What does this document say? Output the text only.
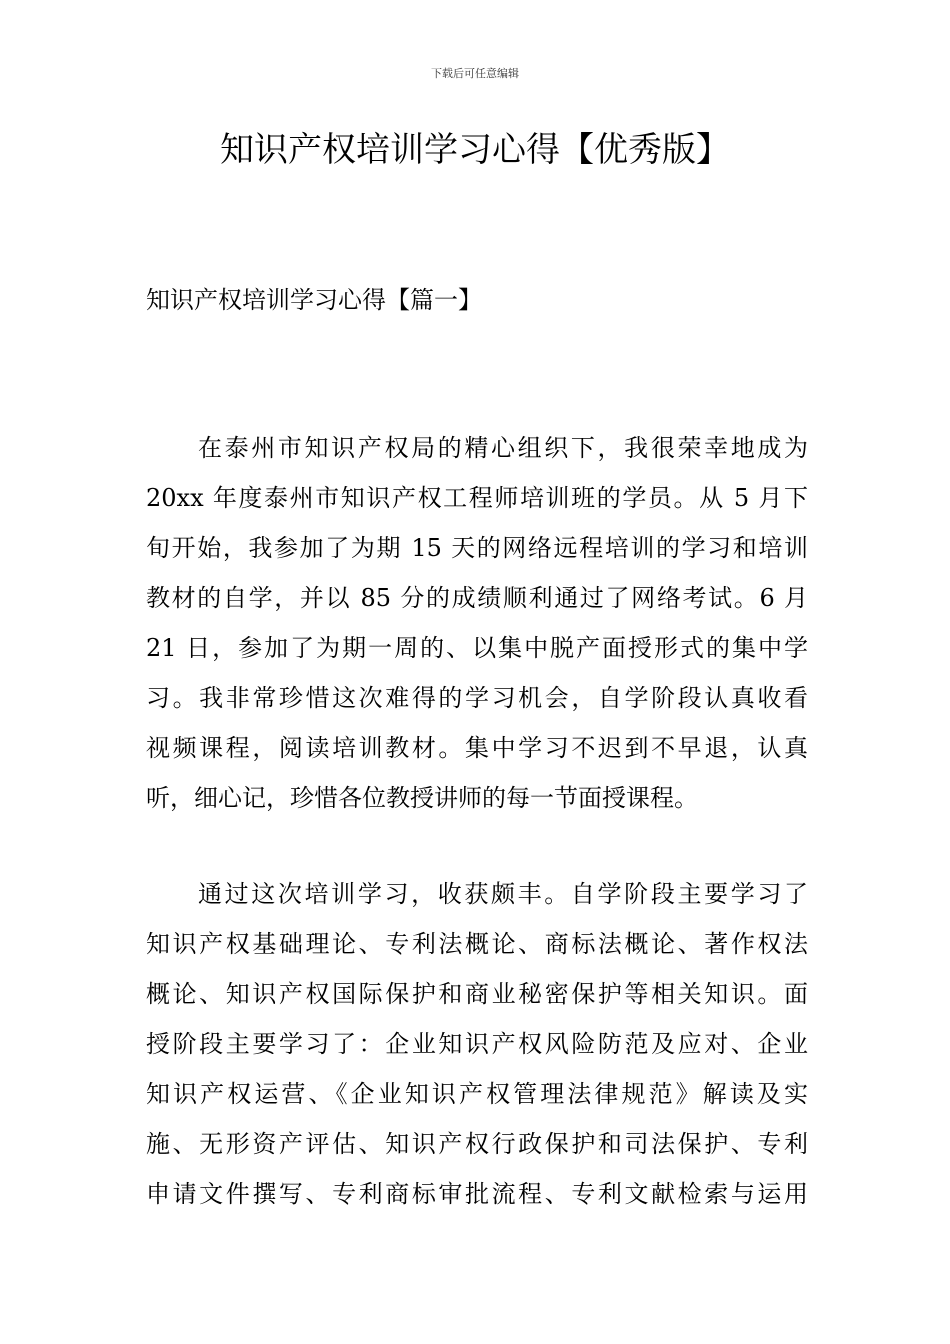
下载后可任意编辑
知识产权培训学习心得【优秀版】
知识产权培训学习心得【篇一】
在泰州市知识产权局的精心组织下，我很荣幸地成为
20xx 年度泰州市知识产权工程师培训班的学员。从 5 月下
旬开始，我参加了为期 15 天的网络远程培训的学习和培训
教材的自学，并以 85 分的成绩顺利通过了网络考试。6 月
21 日，参加了为期一周的、以集中脱产面授形式的集中学
习。我非常珍惜这次难得的学习机会，自学阶段认真收看
视频课程，阅读培训教材。集中学习不迟到不早退，认真
听，细心记，珍惜各位教授讲师的每一节面授课程。
通过这次培训学习，收获颇丰。自学阶段主要学习了
知识产权基础理论、专利法概论、商标法概论、著作权法
概论、知识产权国际保护和商业秘密保护等相关知识。面
授阶段主要学习了：企业知识产权风险防范及应对、企业
知识产权运营、《企业知识产权管理法律规范》解读及实
施、无形资产评估、知识产权行政保护和司法保护、专利
申请文件撰写、专利商标审批流程、专利文献检索与运用
